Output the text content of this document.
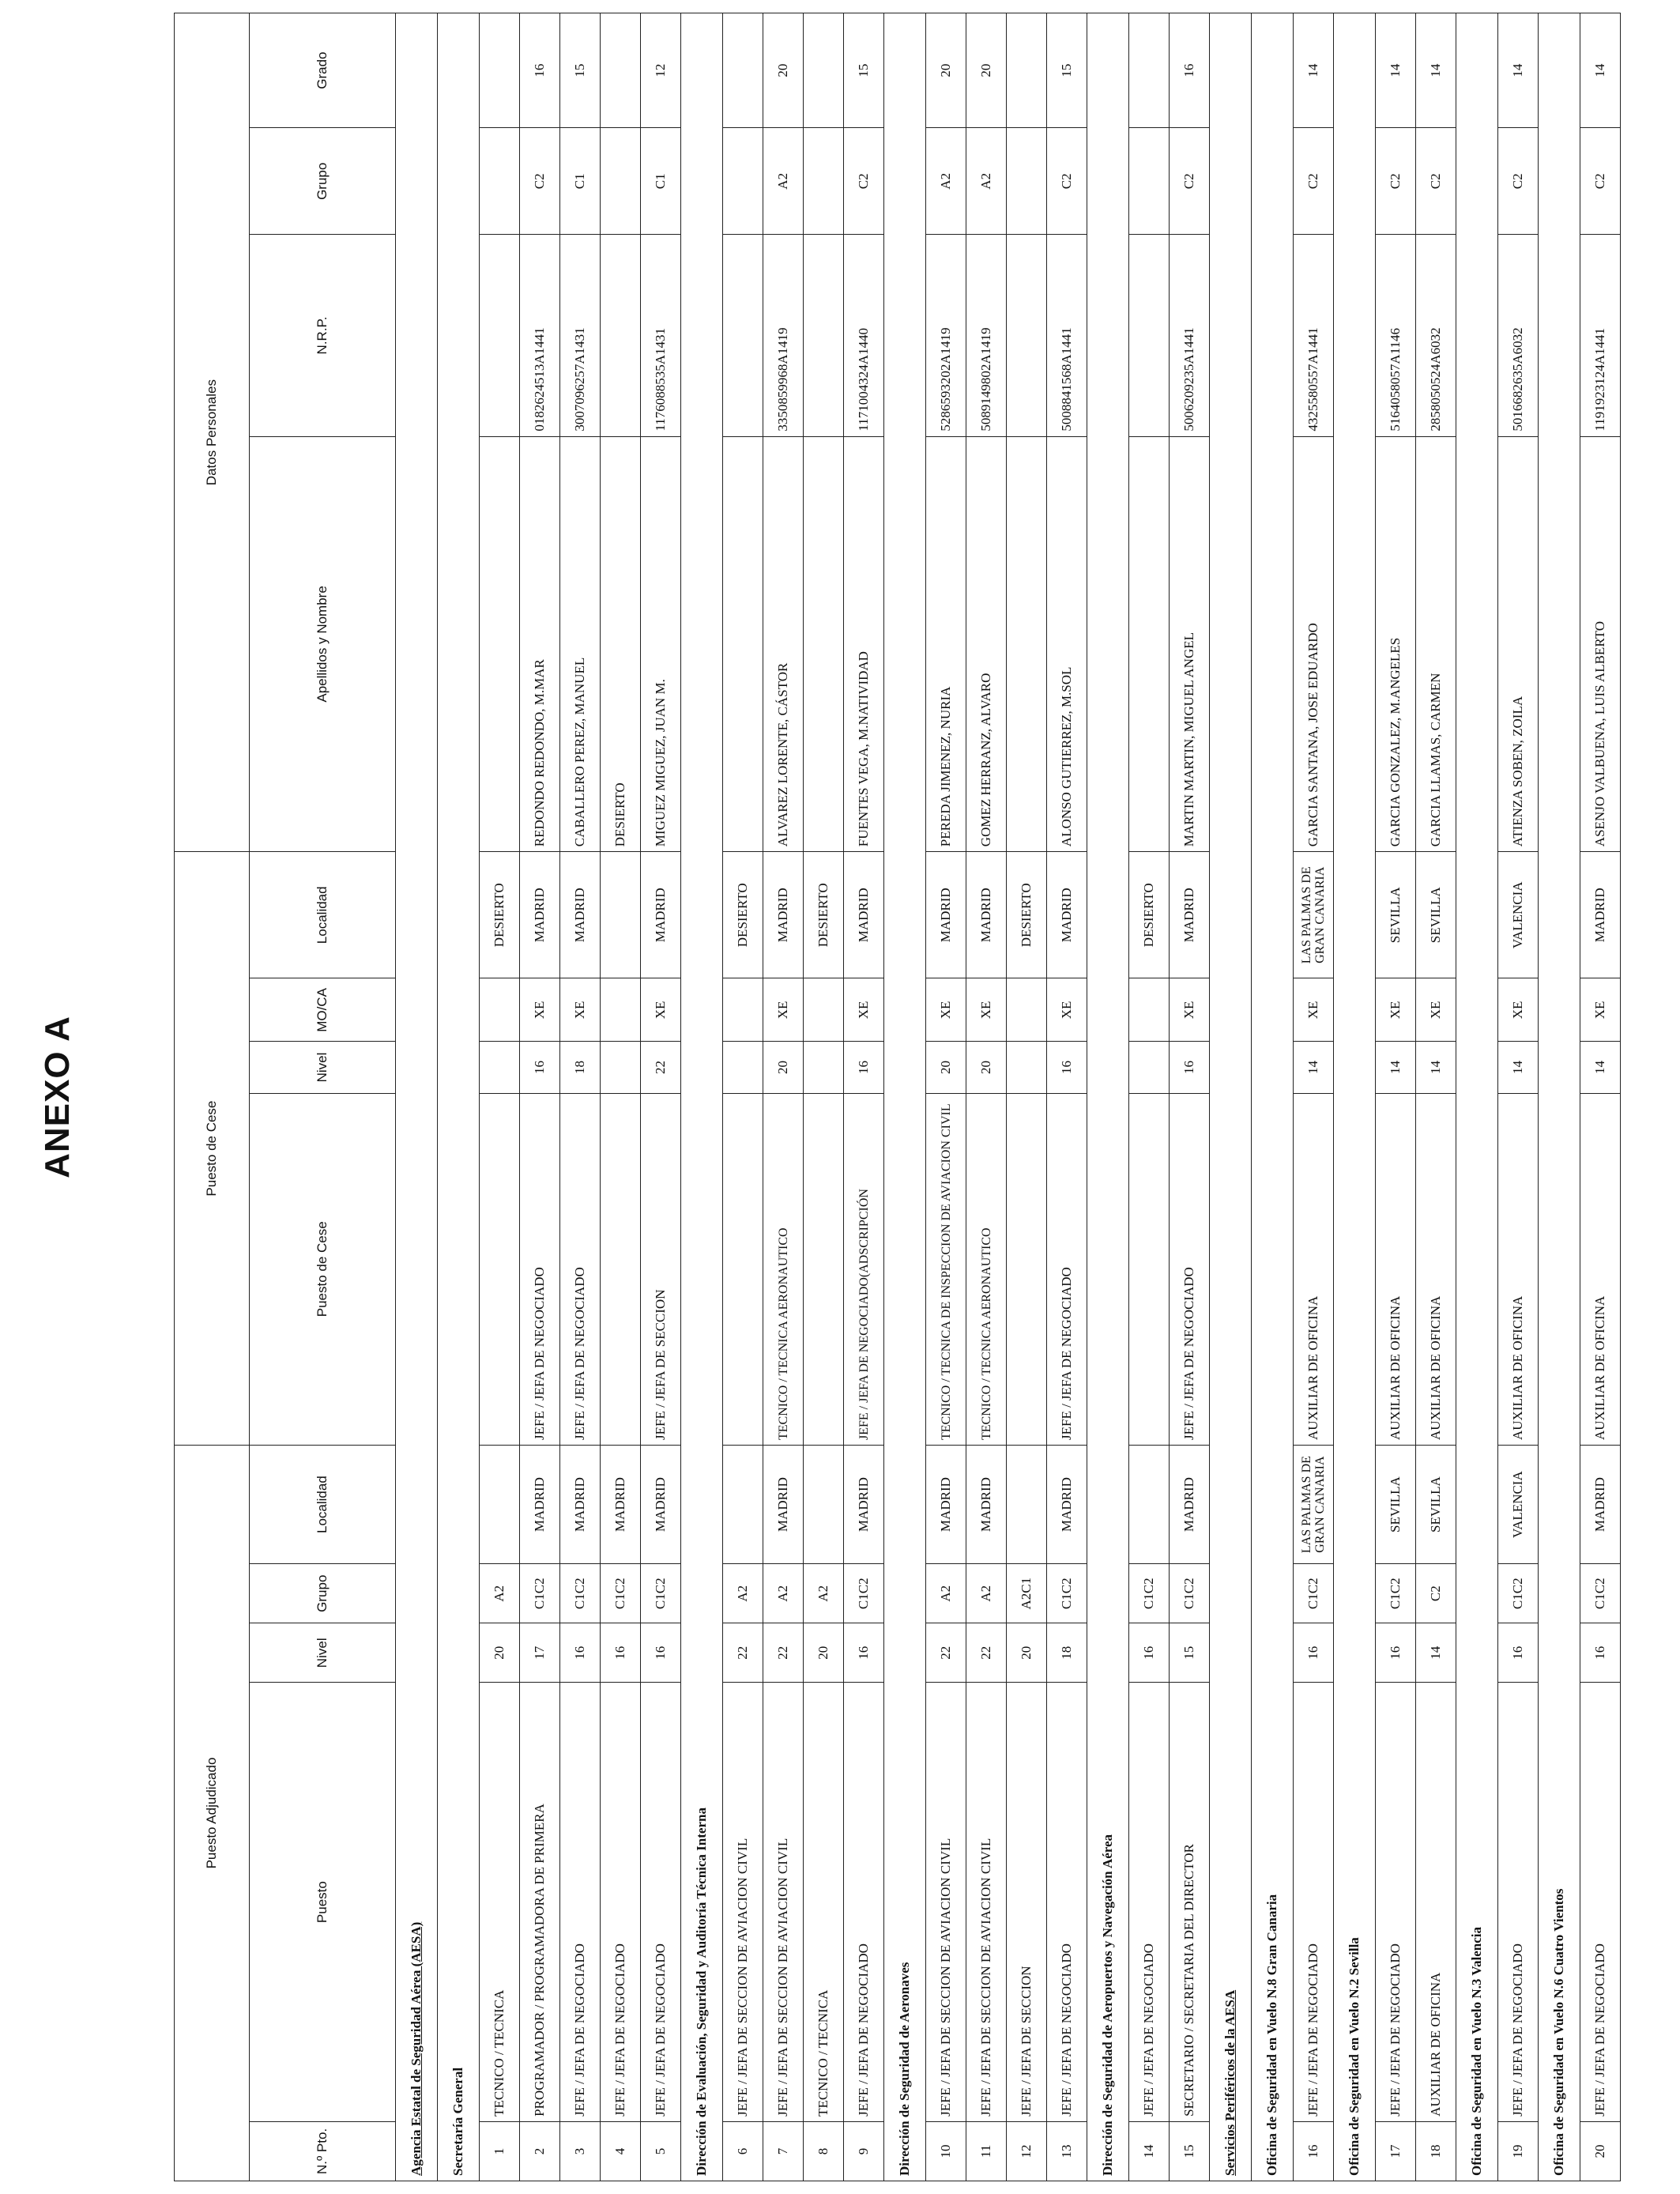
ANEXO A
Puesto Adjudicado					Puesto de Cese				Datos Personales			
N.º Pto.	Puesto	Nivel	Grupo	Localidad	Puesto de Cese	Nivel	MO/CA	Localidad	Apellidos y Nombre	N.R.P.	Grupo	Grado
Agencia Estatal de Seguridad Aérea (AESA)												
Secretaría General												
1	TECNICO / TECNICA	20	A2					DESIERTO				
2	PROGRAMADOR / PROGRAMADORA DE PRIMERA	17	C1C2	MADRID	JEFE / JEFA DE NEGOCIADO	16	XE	MADRID	REDONDO REDONDO, M.MAR	0182624513A1441	C2	16
3	JEFE / JEFA DE NEGOCIADO	16	C1C2	MADRID	JEFE / JEFA DE NEGOCIADO	18	XE	MADRID	CABALLERO PEREZ, MANUEL	3007096257A1431	C1	15
4	JEFE / JEFA DE NEGOCIADO	16	C1C2	MADRID					DESIERTO			
5	JEFE / JEFA DE NEGOCIADO	16	C1C2	MADRID	JEFE / JEFA DE SECCION	22	XE	MADRID	MIGUEZ MIGUEZ, JUAN M.	1176088535A1431	C1	12
Dirección de Evaluación, Seguridad y Auditoría Técnica Interna												
6	JEFE / JEFA DE SECCION DE AVIACION CIVIL	22	A2					DESIERTO				
7	JEFE / JEFA DE SECCION DE AVIACION CIVIL	22	A2	MADRID	TECNICO / TECNICA AERONAUTICO	20	XE	MADRID	ALVAREZ LORENTE, CÁSTOR	3350859968A1419	A2	20
8	TECNICO / TECNICA	20	A2					DESIERTO				
9	JEFE / JEFA DE NEGOCIADO	16	C1C2	MADRID	JEFE / JEFA DE NEGOCIADO(ADSCRIPCIÓN	16	XE	MADRID	FUENTES VEGA, M.NATIVIDAD	1171004324A1440	C2	15
Dirección de Seguridad de Aeronaves												
10	JEFE / JEFA DE SECCION DE AVIACION CIVIL	22	A2	MADRID	TECNICO / TECNICA DE INSPECCION DE AVIACION CIVIL	20	XE	MADRID	PEREDA JIMENEZ, NURIA	5286593202A1419	A2	20
11	JEFE / JEFA DE SECCION DE AVIACION CIVIL	22	A2	MADRID	TECNICO / TECNICA AERONAUTICO	20	XE	MADRID	GOMEZ HERRANZ, ALVARO	5089149802A1419	A2	20
12	JEFE / JEFA DE SECCION	20	A2C1					DESIERTO				
13	JEFE / JEFA DE NEGOCIADO	18	C1C2	MADRID	JEFE / JEFA DE NEGOCIADO	16	XE	MADRID	ALONSO GUTIERREZ, M.SOL	5008841568A1441	C2	15
Dirección de Seguridad de Aeropuertos y Navegación Aérea												
14	JEFE / JEFA DE NEGOCIADO	16	C1C2					DESIERTO				
15	SECRETARIO / SECRETARIA DEL DIRECTOR	15	C1C2	MADRID	JEFE / JEFA DE NEGOCIADO	16	XE	MADRID	MARTIN MARTIN, MIGUEL ANGEL	5006209235A1441	C2	16
Servicios Periféricos de la AESA												
Oficina de Seguridad en Vuelo N.8 Gran Canaria												
16	JEFE / JEFA DE NEGOCIADO	16	C1C2	LAS PALMAS DE GRAN CANARIA	AUXILIAR DE OFICINA	14	XE	LAS PALMAS DE GRAN CANARIA	GARCIA SANTANA, JOSE EDUARDO	4325580557A1441	C2	14
Oficina de Seguridad en Vuelo N.2 Sevilla												
17	JEFE / JEFA DE NEGOCIADO	16	C1C2	SEVILLA	AUXILIAR DE OFICINA	14	XE	SEVILLA	GARCIA GONZALEZ, M.ANGELES	5164058057A1146	C2	14
18	AUXILIAR DE OFICINA	14	C2	SEVILLA	AUXILIAR DE OFICINA	14	XE	SEVILLA	GARCIA LLAMAS, CARMEN	2858050524A6032	C2	14
Oficina de Seguridad en Vuelo N.3 Valencia												
19	JEFE / JEFA DE NEGOCIADO	16	C1C2	VALENCIA	AUXILIAR DE OFICINA	14	XE	VALENCIA	ATIENZA SOBEN, ZOILA	5016682635A6032	C2	14
Oficina de Seguridad en Vuelo N.6 Cuatro Vientos												
20	JEFE / JEFA DE NEGOCIADO	16	C1C2	MADRID	AUXILIAR DE OFICINA	14	XE	MADRID	ASENJO VALBUENA, LUIS ALBERTO	1191923124A1441	C2	14
